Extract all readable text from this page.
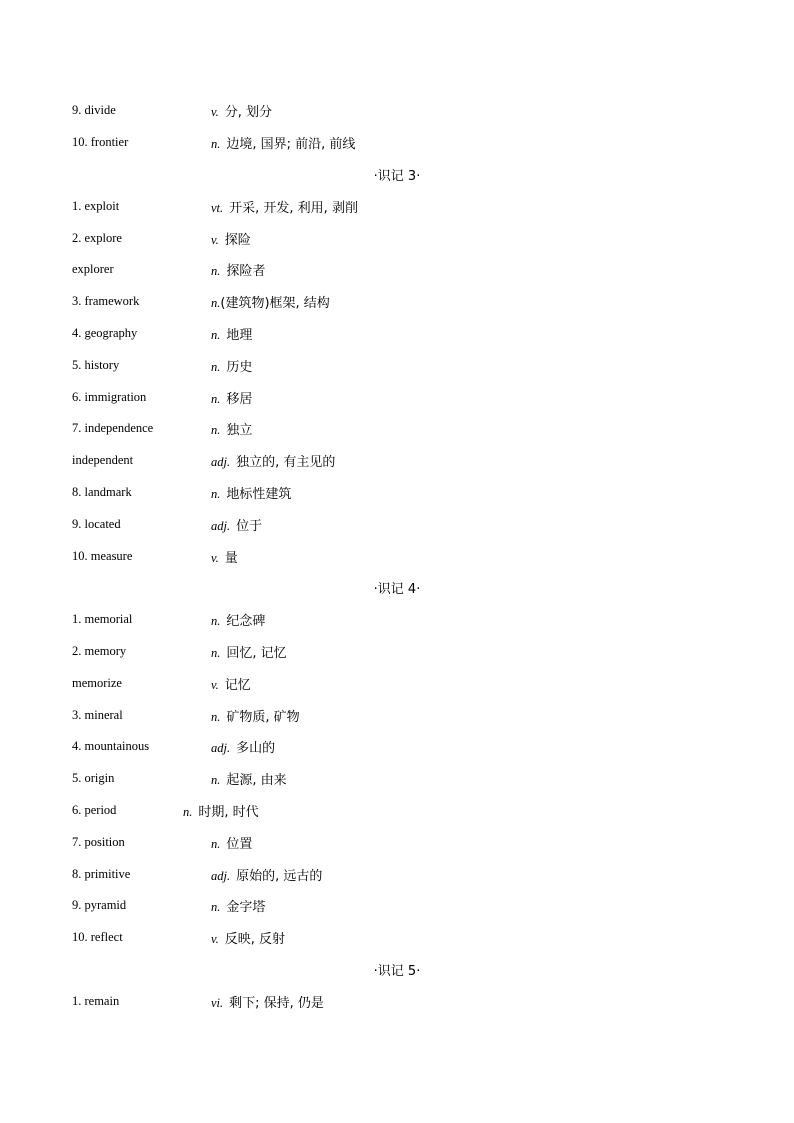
9. divide	v. 分, 划分
10. frontier	n. 边境, 国界; 前沿, 前线
·识记 3·
1. exploit	vt. 开采, 开发, 利用, 剥削
2. explore	v. 探险
explorer	n. 探险者
3. framework	n.(建筑物)框架, 结构
4. geography	n. 地理
5. history	n. 历史
6. immigration	n. 移居
7. independence	n. 独立
independent	adj. 独立的, 有主见的
8. landmark	n. 地标性建筑
9. located	adj. 位于
10. measure	v. 量
·识记 4·
1. memorial	n. 纪念碑
2. memory	n. 回忆, 记忆
memorize	v. 记忆
3. mineral	n. 矿物质, 矿物
4. mountainous	adj. 多山的
5. origin	n. 起源, 由来
6. period	n. 时期, 时代
7. position	n. 位置
8. primitive	adj. 原始的, 远古的
9. pyramid	n. 金字塔
10. reflect	v. 反映, 反射
·识记 5·
1. remain	vi. 剩下; 保持, 仍是
